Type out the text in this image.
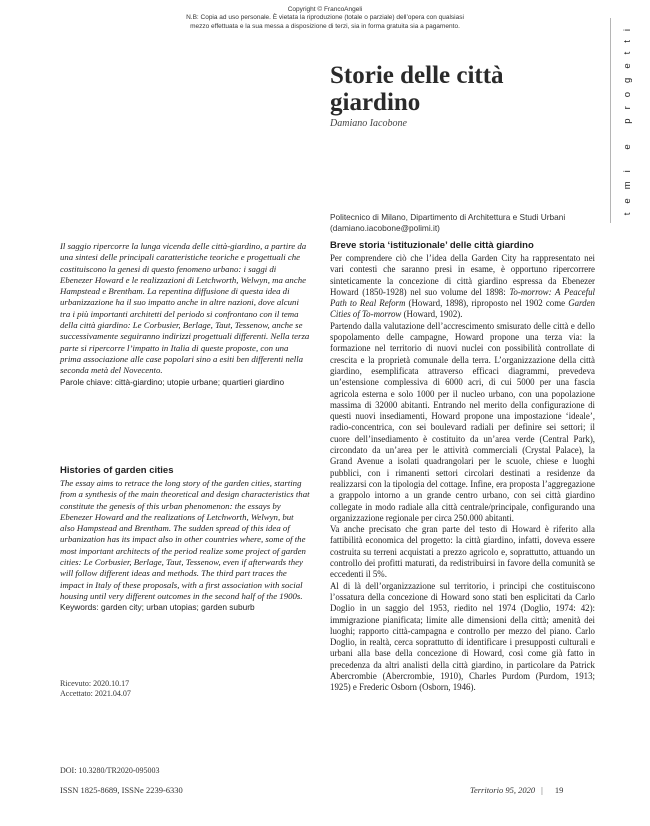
Copyright © FrancoAngeli
N.B: Copia ad uso personale. È vietata la riproduzione (totale o parziale) dell’opera con qualsiasi
mezzo effettuata e la sua messa a disposizione di terzi, sia in forma gratuita sia a pagamento.
temi e progetti
Storie delle città
giardino
Damiano Iacobone
Politecnico di Milano, Dipartimento di Architettura e Studi Urbani
(damiano.iacobone@polimi.it)

Il saggio ripercorre la lunga vicenda delle città-giardino, a partire da una sintesi delle principali caratteristiche teoriche e progettuali che costituiscono la genesi di questo fenomeno urbano: i saggi di Ebenezer Howard e le realizzazioni di Letchworth, Welwyn, ma anche Hampstead e Brentham. La repentina diffusione di questa idea di urbanizzazione ha il suo impatto anche in altre nazioni, dove alcuni tra i più importanti architetti del periodo si confrontano con il tema della città giardino: Le Corbusier, Berlage, Taut, Tessenow, anche se successivamente seguiranno indirizzi progettuali differenti. Nella terza parte si ripercorre l’impatto in Italia di queste proposte, con una prima associazione alle case popolari sino a esiti ben differenti nella seconda metà del Novecento.

Parole chiave: città-giardino; utopie urbane; quartieri giardino

Histories of garden cities

The essay aims to retrace the long story of the garden cities, starting from a synthesis of the main theoretical and design characteristics that constitute the genesis of this urban phenomenon: the essays by Ebenezer Howard and the realizations of Letchworth, Welwyn, but also Hampstead and Brentham. The sudden spread of this idea of urbanization has its impact also in other countries where, some of the most important architects of the period realize some project of garden cities: Le Corbusier, Berlage, Taut, Tessenow, even if afterwards they will follow different ideas and methods. The third part traces the impact in Italy of these proposals, with a first association with social housing until very different outcomes in the second half of the 1900s.

Keywords: garden city; urban utopias; garden suburb

Ricevuto: 2020.10.17
Accettato: 2021.04.07
DOI: 10.3280/TR2020-095003
ISSN 1825-8689, ISSNe 2239-6330
Breve storia ‘istituzionale’ delle città giardino

Per comprendere ciò che l’idea della Garden City ha rappresentato nei vari contesti che saranno presi in esame, è opportuno ripercorrere sinteticamente la concezione di città giardino espressa da Ebenezer Howard (1850-1928) nel suo volume del 1898: To-morrow: A Peaceful Path to Real Reform (Howard, 1898), riproposto nel 1902 come Garden Cities of To-morrow (Howard, 1902).

Partendo dalla valutazione dell’accrescimento smisurato delle città e dello spopolamento delle campagne, Howard propone una terza via: la formazione nel territorio di nuovi nuclei con possibilità controllate di crescita e la proprietà comunale della terra. L’organizzazione della città giardino, esemplificata attraverso efficaci diagrammi, prevedeva un’estensione complessiva di 6000 acri, di cui 5000 per una fascia agricola esterna e solo 1000 per il nucleo urbano, con una popolazione massima di 32000 abitanti. Entrando nel merito della configurazione di questi nuovi insediamenti, Howard propone una impostazione ‘ideale’, radio-concentrica, con sei boulevard radiali per definire sei settori; il cuore dell’insediamento è costituito da un’area verde (Central Park), circondato da un’area per le attività commerciali (Crystal Palace), la Grand Avenue a isolati quadrangolari per le scuole, chiese e luoghi pubblici, con i rimanenti settori circolari destinati a residenze da realizzarsi con la tipologia del cottage. Infine, era proposta l’aggregazione a grappolo intorno a un grande centro urbano, con sei città giardino collegate in modo radiale alla città centrale/principale, configurando una organizzazione regionale per circa 250.000 abitanti.

Va anche precisato che gran parte del testo di Howard è riferito alla fattibilità economica del progetto: la città giardino, infatti, doveva essere costruita su terreni acquistati a prezzo agricolo e, soprattutto, attuando un controllo dei profitti maturati, da redistribuirsi in favore della comunità se eccedenti il 5%.

Al di là dell’organizzazione sul territorio, i principi che costituiscono l’ossatura della concezione di Howard sono stati ben esplicitati da Carlo Doglio in un saggio del 1953, riedito nel 1974 (Doglio, 1974: 42): immigrazione pianificata; limite alle dimensioni della città; amenità dei luoghi; rapporto città-campagna e controllo per mezzo del piano. Carlo Doglio, in realtà, cerca soprattutto di identificare i presupposti culturali e urbani alla base della concezione di Howard, così come già fatto in precedenza da altri analisti della città giardino, in particolare da Patrick Abercrombie (Abercrombie, 1910), Charles Purdom (Purdom, 1913; 1925) e Frederic Osborn (Osborn, 1946).

Territorio 95, 2020 | 19
